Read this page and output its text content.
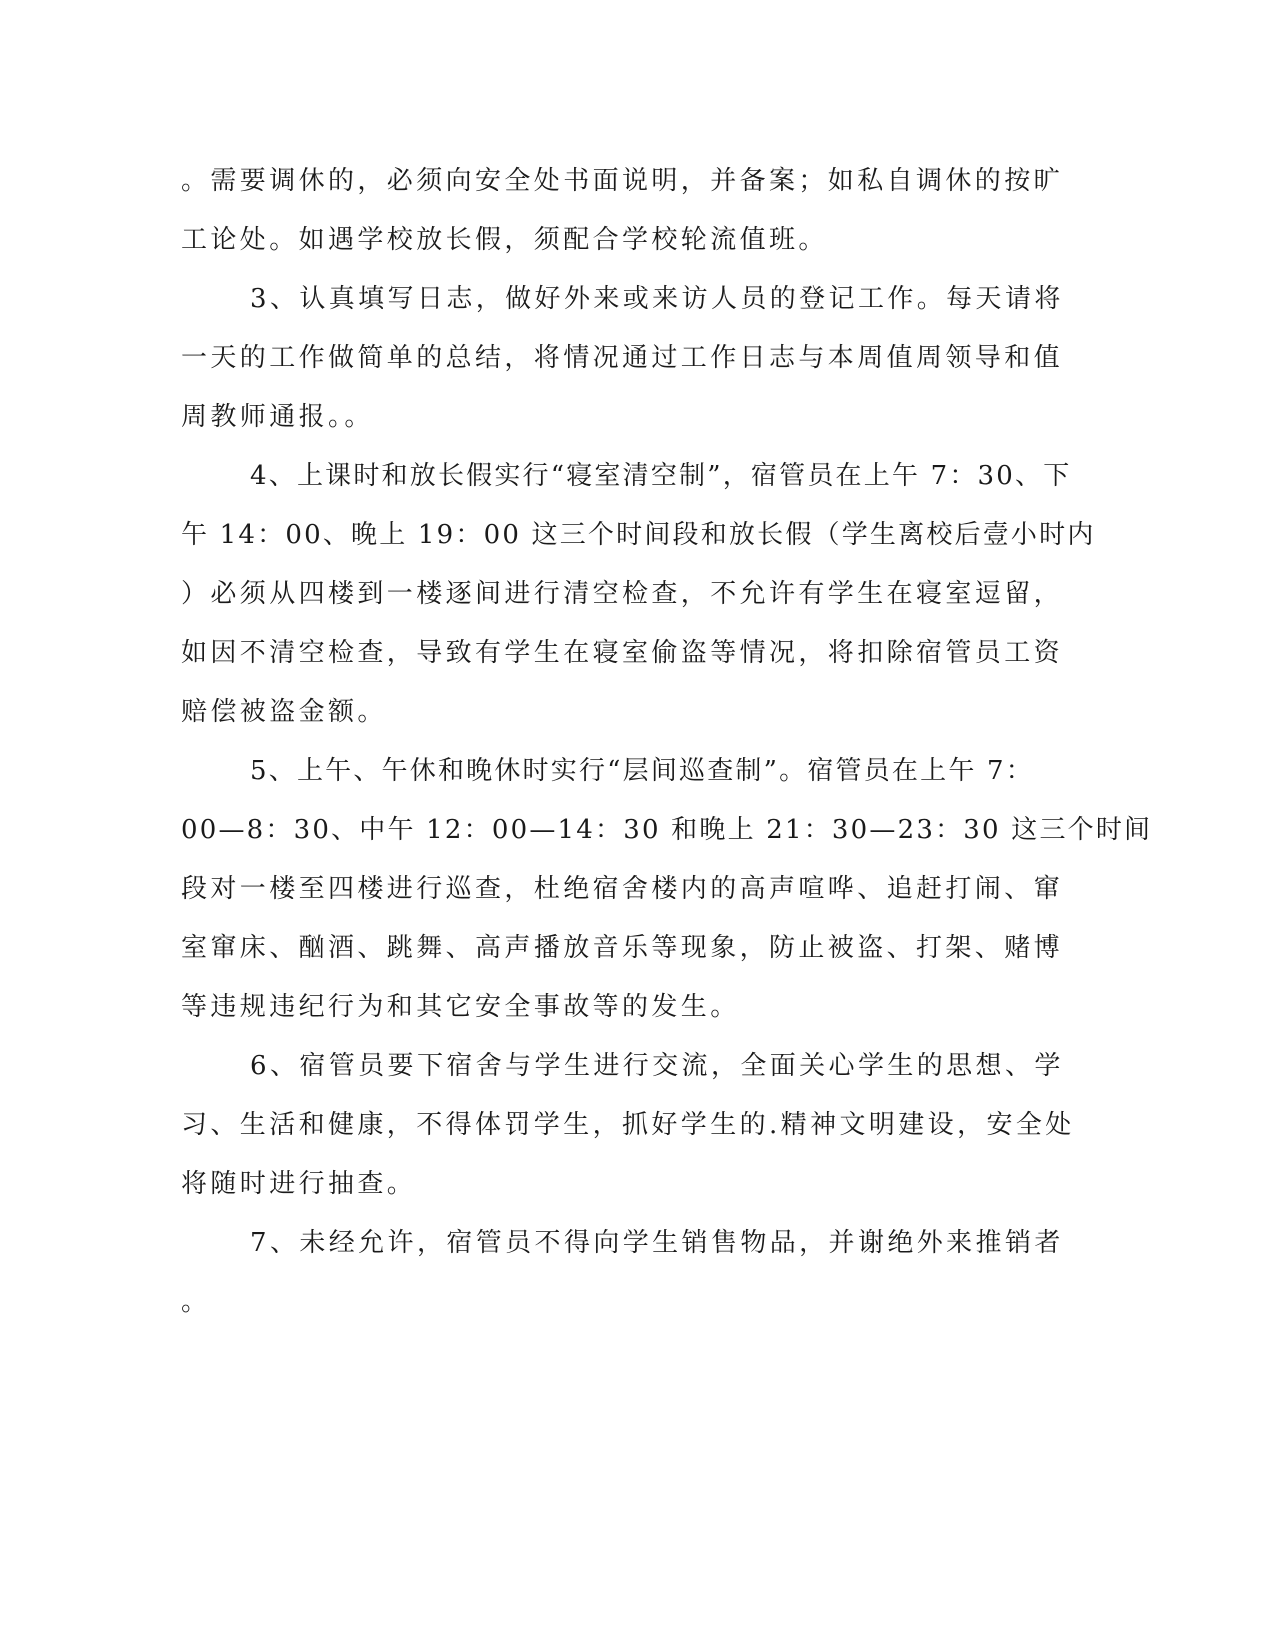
。需要调休的，必须向安全处书面说明，并备案；如私自调休的按旷
工论处。如遇学校放长假，须配合学校轮流值班。
3、认真填写日志，做好外来或来访人员的登记工作。每天请将
一天的工作做简单的总结，将情况通过工作日志与本周值周领导和值
周教师通报。。
4、上课时和放长假实行“寝室清空制”，宿管员在上午 7：30、下
午 14：00、晚上 19：00 这三个时间段和放长假（学生离校后壹小时内
）必须从四楼到一楼逐间进行清空检查，不允许有学生在寝室逗留，
如因不清空检查，导致有学生在寝室偷盗等情况，将扣除宿管员工资
赔偿被盗金额。
5、上午、午休和晚休时实行“层间巡查制”。宿管员在上午 7：
00—8：30、中午 12：00—14：30 和晚上 21：30—23：30 这三个时间
段对一楼至四楼进行巡查，杜绝宿舍楼内的高声喧哗、追赶打闹、窜
室窜床、酗酒、跳舞、高声播放音乐等现象，防止被盗、打架、赌博
等违规违纪行为和其它安全事故等的发生。
6、宿管员要下宿舍与学生进行交流，全面关心学生的思想、学
习、生活和健康，不得体罚学生，抓好学生的.精神文明建设，安全处
将随时进行抽查。
7、未经允许，宿管员不得向学生销售物品，并谢绝外来推销者
。
